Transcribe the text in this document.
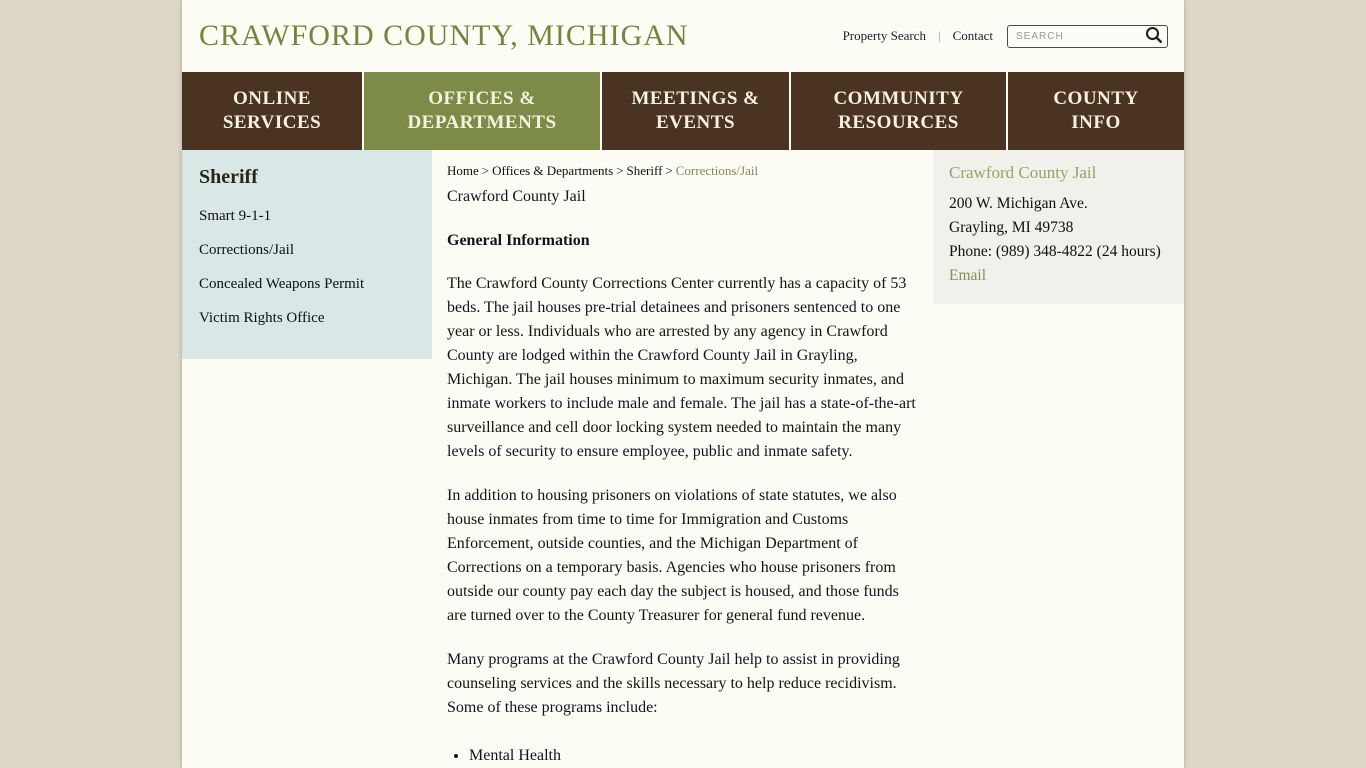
CRAWFORD COUNTY, MICHIGAN	Property Search | Contact
SEARCH
ONLINE
SERVICES
OFFICES &
DEPARTMENTS
MEETINGS &
EVENTS
COMMUNITY
RESOURCES
COUNTY
INFO
Sheriff
Smart 9-1-1
Corrections/Jail
Concealed Weapons Permit
Victim Rights Office
Home > Offices & Departments > Sheriff > Corrections/Jail
Crawford County Jail
General Information

The Crawford County Corrections Center currently has a capacity of 53 beds. The jail houses pre-trial detainees and prisoners sentenced to one year or less. Individuals who are arrested by any agency in Crawford County are lodged within the Crawford County Jail in Grayling, Michigan. The jail houses minimum to maximum security inmates, and inmate workers to include male and female. The jail has a state-of-the-art surveillance and cell door locking system needed to maintain the many levels of security to ensure employee, public and inmate safety.

In addition to housing prisoners on violations of state statutes, we also house inmates from time to time for Immigration and Customs Enforcement, outside counties, and the Michigan Department of Corrections on a temporary basis. Agencies who house prisoners from outside our county pay each day the subject is housed, and those funds are turned over to the County Treasurer for general fund revenue.

Many programs at the Crawford County Jail help to assist in providing counseling services and the skills necessary to help reduce recidivism. Some of these programs include:

• Mental Health
Crawford County Jail
200 W. Michigan Ave.
Grayling, MI 49738
Phone: (989) 348-4822 (24 hours)
Email
